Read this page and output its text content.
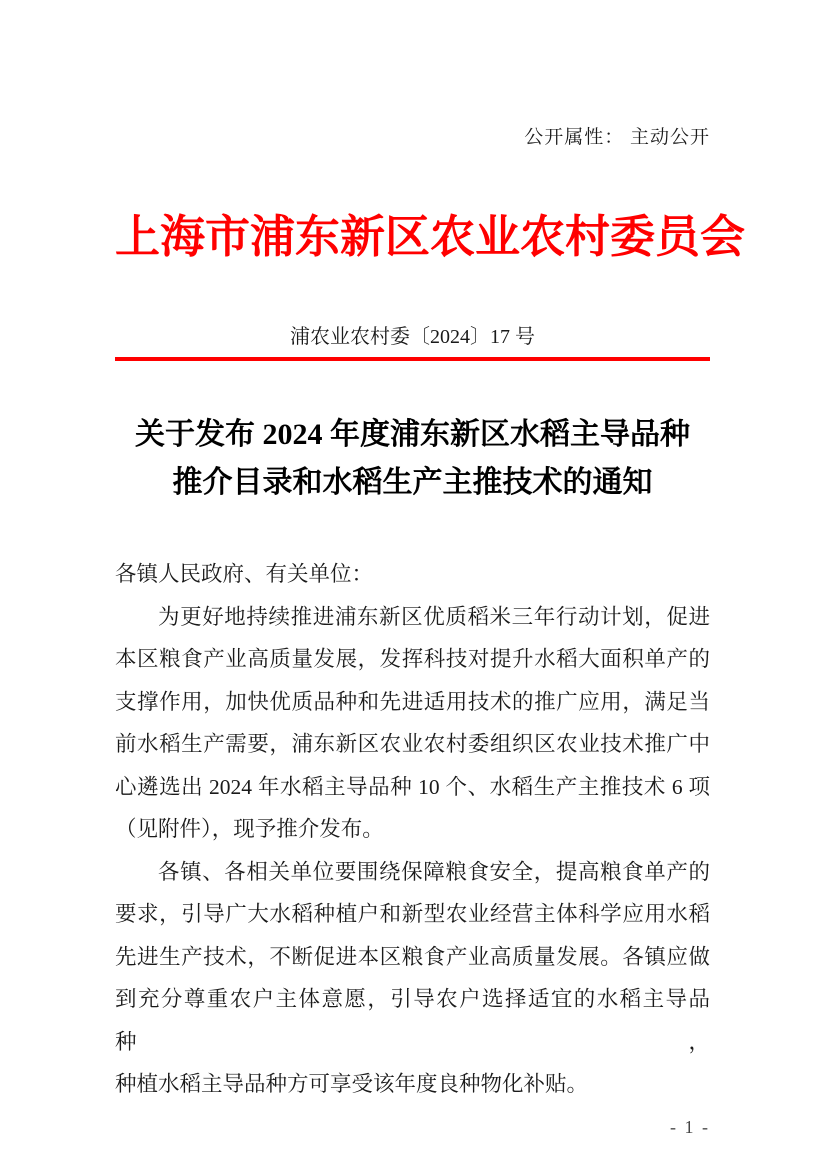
公开属性： 主动公开
上海市浦东新区农业农村委员会
浦农业农村委〔2024〕17 号
关于发布 2024 年度浦东新区水稻主导品种
推介目录和水稻生产主推技术的通知
各镇人民政府、有关单位：
为更好地持续推进浦东新区优质稻米三年行动计划，促进
本区粮食产业高质量发展，发挥科技对提升水稻大面积单产的
支撑作用，加快优质品种和先进适用技术的推广应用，满足当
前水稻生产需要，浦东新区农业农村委组织区农业技术推广中
心遴选出 2024 年水稻主导品种 10 个、水稻生产主推技术 6 项
（见附件），现予推介发布。
各镇、各相关单位要围绕保障粮食安全，提高粮食单产的
要求，引导广大水稻种植户和新型农业经营主体科学应用水稻
先进生产技术，不断促进本区粮食产业高质量发展。各镇应做
到充分尊重农户主体意愿，引导农户选择适宜的水稻主导品种，
种植水稻主导品种方可享受该年度良种物化补贴。
- 1 -
